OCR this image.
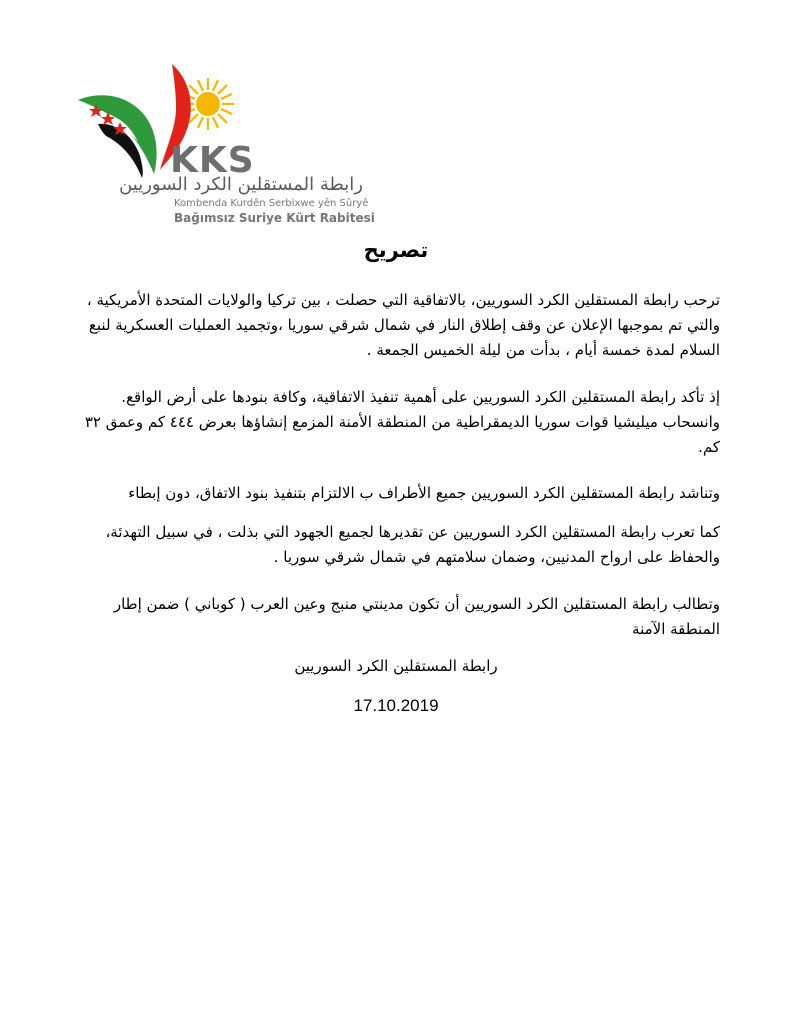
KKS
رابطة المستقلين الكرد السوريين
Kombenda Kurdên Serbixwe yên Sûryê
Bağımsız Suriye Kürt Rabitesi
تصريح
ترحب رابطة المستقلين الكرد السوريين، بالاتفاقية التي حصلت ، بين تركيا والولايات المتحدة الأمريكية ، والتي تم بموجبها الإعلان عن وقف إطلاق النار في شمال شرقي سوريا ،وتجميد العمليات العسكرية لنبع السلام لمدة خمسة أيام ، بدأت من ليلة الخميس الجمعة .
إذ تأكد رابطة المستقلين الكرد السوريين على أهمية تنفيذ الاتفاقية، وكافة بنودها على أرض الواقع. وانسحاب ميليشيا قوات سوريا الديمقراطية من المنطقة الأمنة المزمع إنشاؤها بعرض ٤٤٤ كم وعمق ٣٢ كم.
وتناشد رابطة المستقلين الكرد السوريين جميع الأطراف ب الالتزام بتنفيذ بنود الاتفاق، دون إبطاء
كما تعرب رابطة المستقلين الكرد السوريين عن تقديرها لجميع الجهود التي بذلت ، في سبيل التهدئة، والحفاظ على ارواح المدنيين، وضمان سلامتهم في شمال شرقي سوريا .
وتطالب رابطة المستقلين الكرد السوريين أن تكون مدينتي منبج وعين العرب ( كوباني ) ضمن إطار المنطقة الآمنة
رابطة المستقلين الكرد السوريين
17.10.2019
